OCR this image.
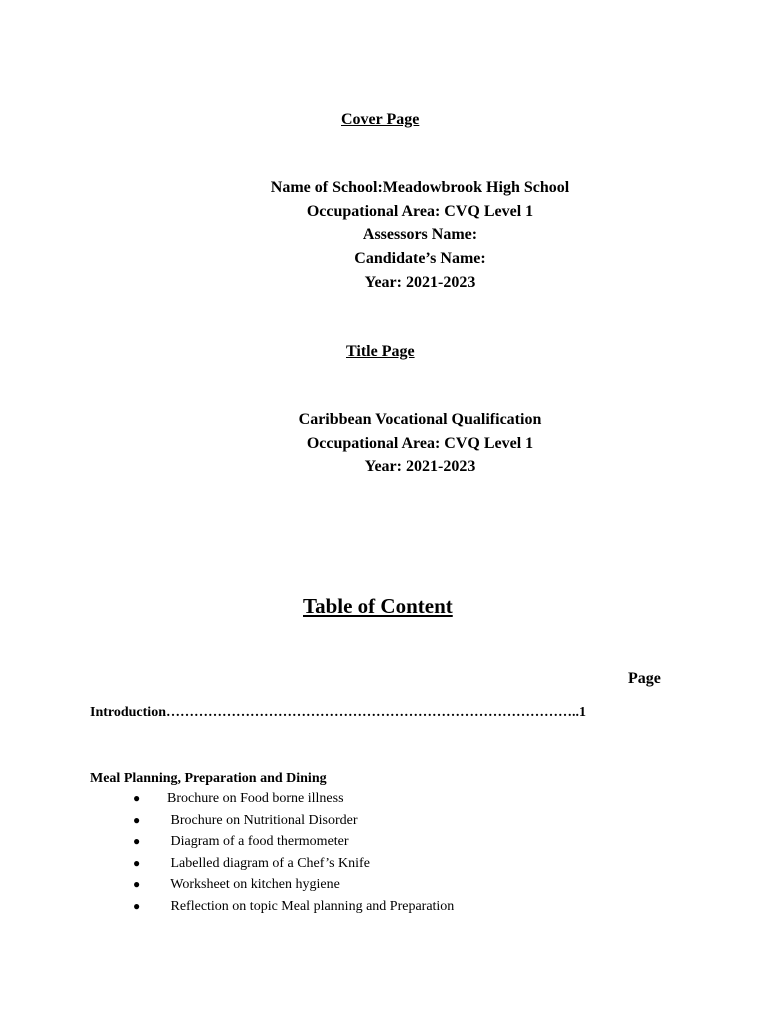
Cover Page
Name of School:Meadowbrook High School
Occupational Area: CVQ Level 1
Assessors Name:
Candidate’s Name:
Year: 2021-2023
Title Page
Caribbean Vocational Qualification
Occupational Area: CVQ Level 1
Year: 2021-2023
Table of Content
Page
Introduction……………………………………………………………………………..1
Meal Planning, Preparation and Dining
● Brochure on Food borne illness
● Brochure on Nutritional Disorder
● Diagram of a food thermometer
● Labelled diagram of a Chef’s Knife
● Worksheet on kitchen hygiene
● Reflection on topic Meal planning and Preparation
